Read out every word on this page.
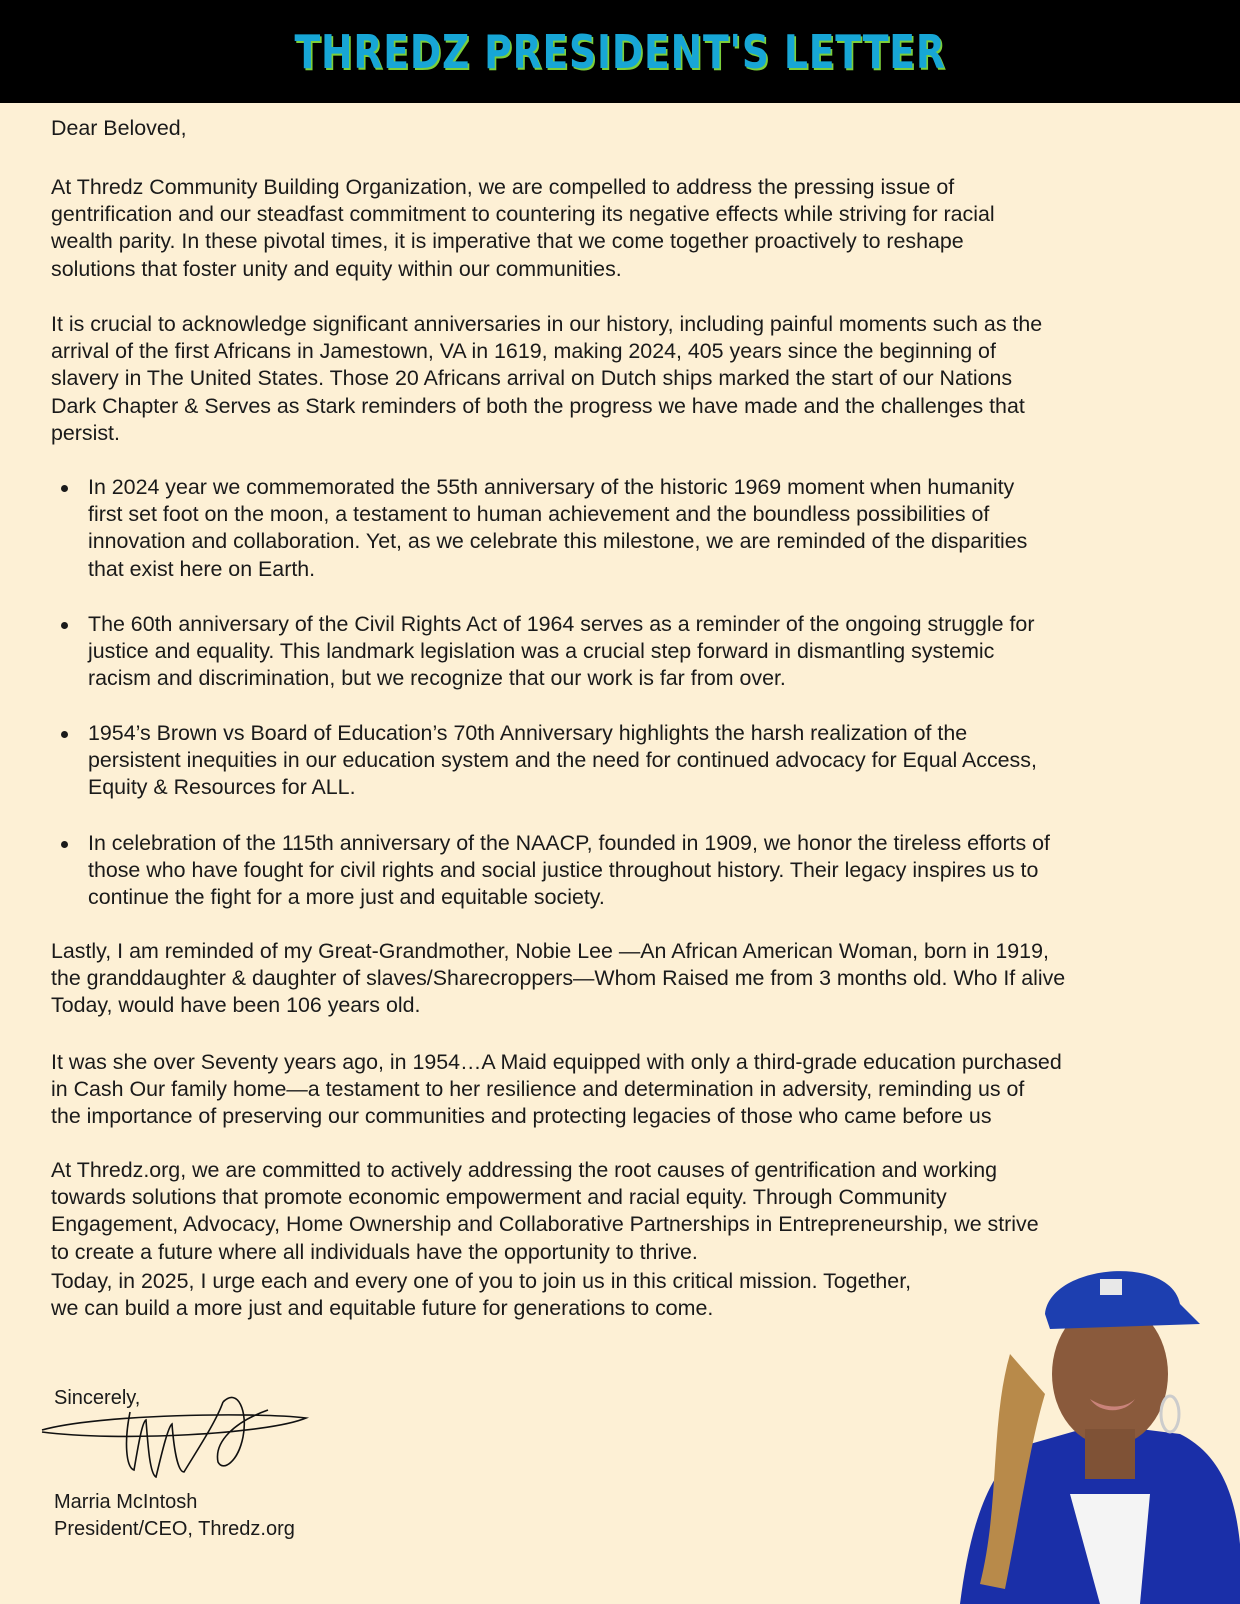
THREDZ PRESIDENT'S LETTER
Dear Beloved,
At Thredz Community Building Organization, we are compelled to address the pressing issue of
gentrification and our steadfast commitment to countering its negative effects while striving for racial
wealth parity. In these pivotal times, it is imperative that we come together proactively to reshape
solutions that foster unity and equity within our communities.
It is crucial to acknowledge significant anniversaries in our history, including painful moments such as the
arrival of the first Africans in Jamestown, VA in 1619, making 2024, 405 years since the beginning of
slavery in The United States. Those 20 Africans arrival on Dutch ships marked the start of our Nations
Dark Chapter & Serves as Stark reminders of both the progress we have made and the challenges that
persist.
In 2024 year we commemorated the 55th anniversary of the historic 1969 moment when humanity
first set foot on the moon, a testament to human achievement and the boundless possibilities of
innovation and collaboration. Yet, as we celebrate this milestone, we are reminded of the disparities
that exist here on Earth.
The 60th anniversary of the Civil Rights Act of 1964 serves as a reminder of the ongoing struggle for
justice and equality. This landmark legislation was a crucial step forward in dismantling systemic
racism and discrimination, but we recognize that our work is far from over.
1954’s Brown vs Board of Education’s 70th Anniversary highlights the harsh realization of the
persistent inequities in our education system and the need for continued advocacy for Equal Access,
Equity & Resources for ALL.
In celebration of the 115th anniversary of the NAACP, founded in 1909, we honor the tireless efforts of
those who have fought for civil rights and social justice throughout history. Their legacy inspires us to
continue the fight for a more just and equitable society.
Lastly, I am reminded of my Great-Grandmother, Nobie Lee —An African American Woman, born in 1919,
the granddaughter & daughter of slaves/Sharecroppers—Whom Raised me from 3 months old. Who If alive
Today, would have been 106 years old.
It was she over Seventy years ago, in 1954…A Maid equipped with only a third-grade education purchased
in Cash Our family home—a testament to her resilience and determination in adversity, reminding us of
the importance of preserving our communities and protecting legacies of those who came before us
At Thredz.org, we are committed to actively addressing the root causes of gentrification and working
towards solutions that promote economic empowerment and racial equity. Through Community
Engagement, Advocacy, Home Ownership and Collaborative Partnerships in Entrepreneurship, we strive
to create a future where all individuals have the opportunity to thrive.
Today, in 2025, I urge each and every one of you to join us in this critical mission. Together,
we can build a more just and equitable future for generations to come.
Sincerely,
Marria McIntosh
President/CEO, Thredz.org
